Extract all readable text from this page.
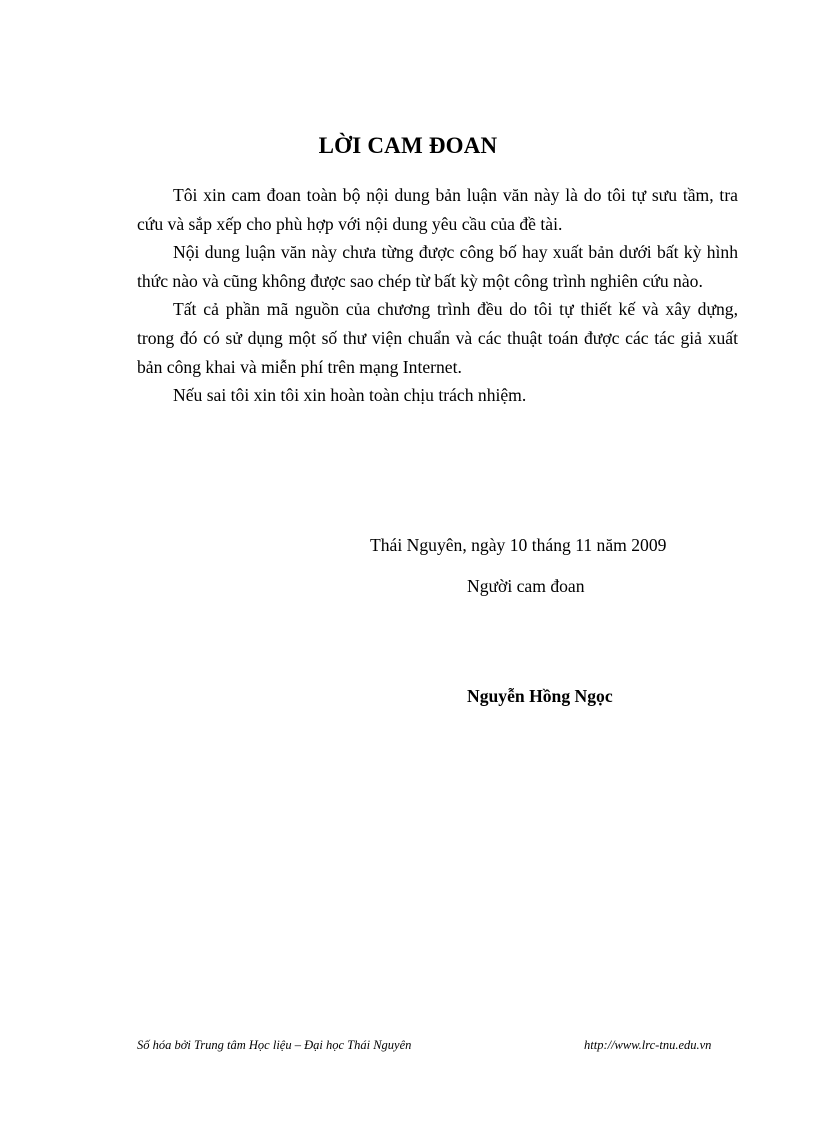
LỜI CAM ĐOAN

Tôi xin cam đoan toàn bộ nội dung bản luận văn này là do tôi tự sưu tầm, tra cứu và sắp xếp cho phù hợp với nội dung yêu cầu của đề tài.

Nội dung luận văn này chưa từng được công bố hay xuất bản dưới bất kỳ hình thức nào và cũng không được sao chép từ bất kỳ một công trình nghiên cứu nào.

Tất cả phần mã nguồn của chương trình đều do tôi tự thiết kế và xây dựng, trong đó có sử dụng một số thư viện chuẩn và các thuật toán được các tác giả xuất bản công khai và miễn phí trên mạng Internet.

Nếu sai tôi xin tôi xin hoàn toàn chịu trách nhiệm.

Thái Nguyên, ngày 10 tháng 11 năm 2009
Người cam đoan
Nguyễn Hồng Ngọc
Số hóa bởi Trung tâm Học liệu – Đại học Thái Nguyên	http://www.lrc-tnu.edu.vn
